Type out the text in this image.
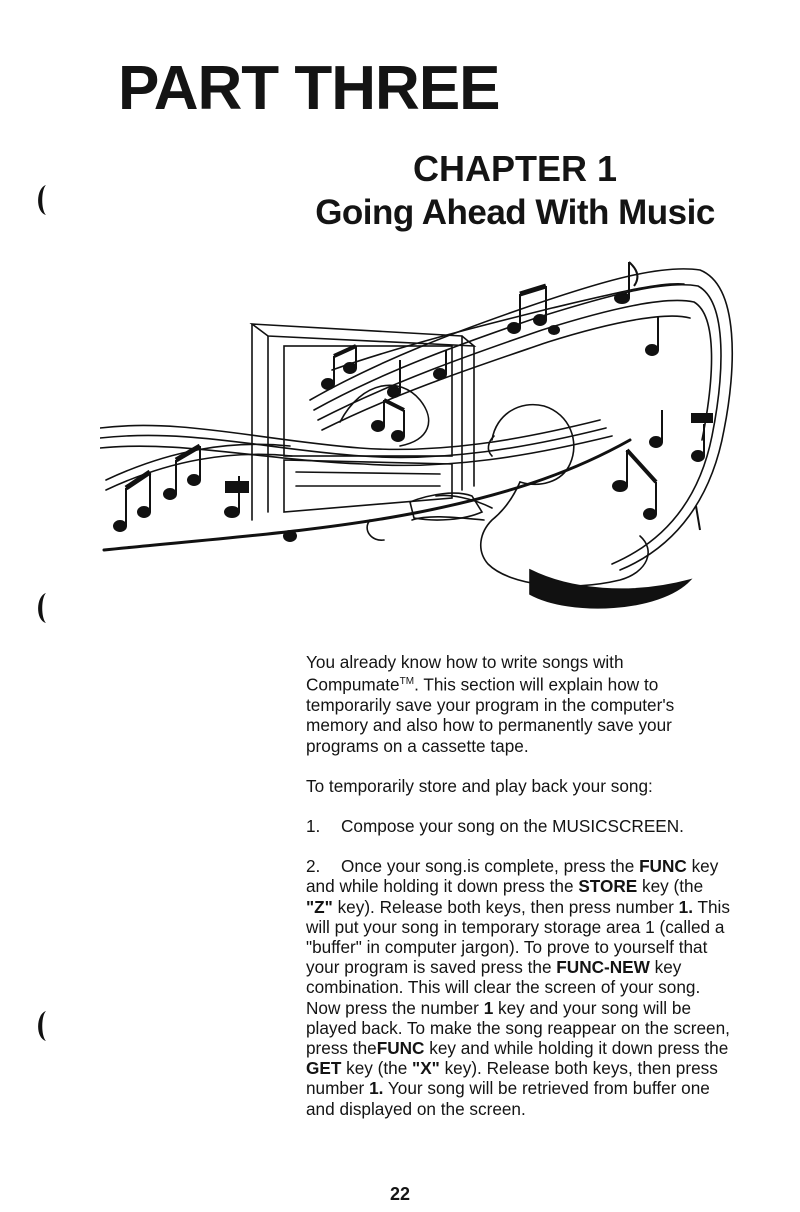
PART THREE
CHAPTER 1
Going Ahead With Music

You already know how to write songs with Compumate™. This section will explain how to temporarily save your program in the computer's memory and also how to permanently save your programs on a cassette tape.

To temporarily store and play back your song:

1.	Compose your song on the MUSICSCREEN.

2. Once your song.is complete, press the FUNC key and while holding it down press the STORE key (the "Z" key). Release both keys, then press number 1. This will put your song in temporary storage area 1 (called a "buffer" in computer jargon). To prove to yourself that your program is saved press the FUNC-NEW key combination. This will clear the screen of your song. Now press the number 1 key and your song will be played back. To make the song reappear on the screen, press theFUNC key and while holding it down press the GET key (the "X" key). Release both keys, then press number 1. Your song will be retrieved from buffer one and displayed on the screen.

22
